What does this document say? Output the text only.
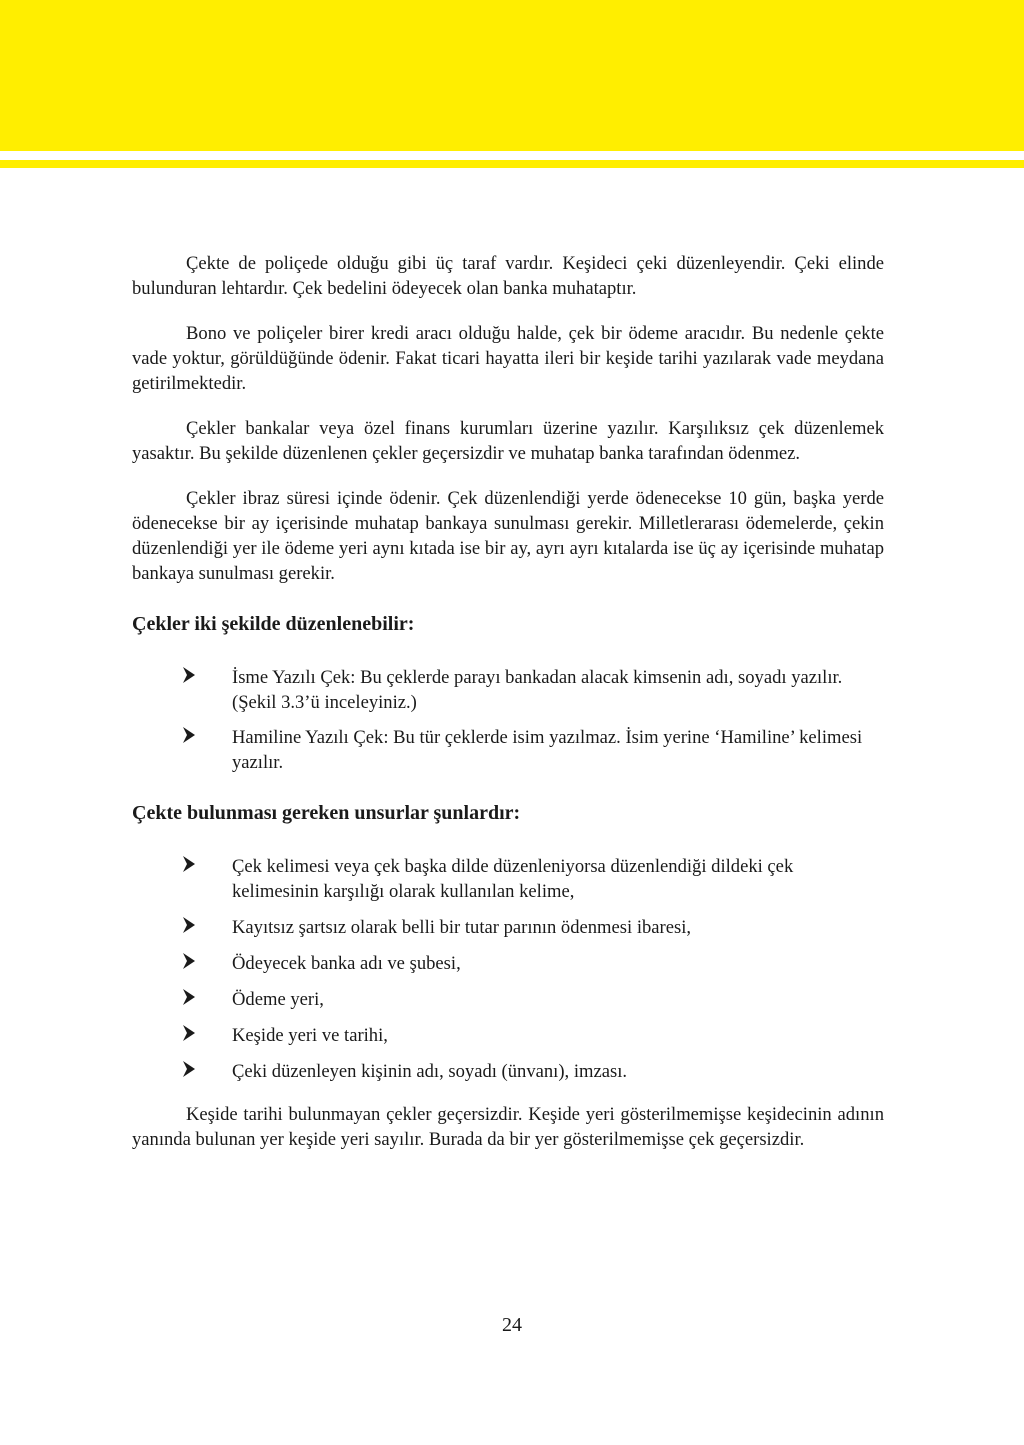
Çekte de poliçede olduğu gibi üç taraf vardır. Keşideci çeki düzenleyendir. Çeki elinde bulunduran lehtardır. Çek bedelini ödeyecek olan banka muhataptır.

Bono ve poliçeler birer kredi aracı olduğu halde, çek bir ödeme aracıdır. Bu nedenle çekte vade yoktur, görüldüğünde ödenir. Fakat ticari hayatta ileri bir keşide tarihi yazılarak vade meydana getirilmektedir.

Çekler bankalar veya özel finans kurumları üzerine yazılır. Karşılıksız çek düzenlemek yasaktır. Bu şekilde düzenlenen çekler geçersizdir ve muhatap banka tarafından ödenmez.

Çekler ibraz süresi içinde ödenir. Çek düzenlendiği yerde ödenecekse 10 gün, başka yerde ödenecekse bir ay içerisinde muhatap bankaya sunulması gerekir. Milletlerarası ödemelerde, çekin düzenlendiği yer ile ödeme yeri aynı kıtada ise bir ay, ayrı ayrı kıtalarda ise üç ay içerisinde muhatap bankaya sunulması gerekir.

Çekler iki şekilde düzenlenebilir:
İsme Yazılı Çek: Bu çeklerde parayı bankadan alacak kimsenin adı, soyadı yazılır. (Şekil 3.3’ü inceleyiniz.)
Hamiline Yazılı Çek: Bu tür çeklerde isim yazılmaz. İsim yerine ‘Hamiline’ kelimesi yazılır.
Çekte bulunması gereken unsurlar şunlardır:
Çek kelimesi veya çek başka dilde düzenleniyorsa düzenlendiği dildeki çek kelimesinin karşılığı olarak kullanılan kelime,
Kayıtsız şartsız olarak belli bir tutar parının ödenmesi ibaresi,
Ödeyecek banka adı ve şubesi,
Ödeme yeri,
Keşide yeri ve tarihi,
Çeki düzenleyen kişinin adı, soyadı (ünvanı), imzası.

Keşide tarihi bulunmayan çekler geçersizdir. Keşide yeri gösterilmemişse keşidecinin adının yanında bulunan yer keşide yeri sayılır. Burada da bir yer gösterilmemişse çek geçersizdir.

24
